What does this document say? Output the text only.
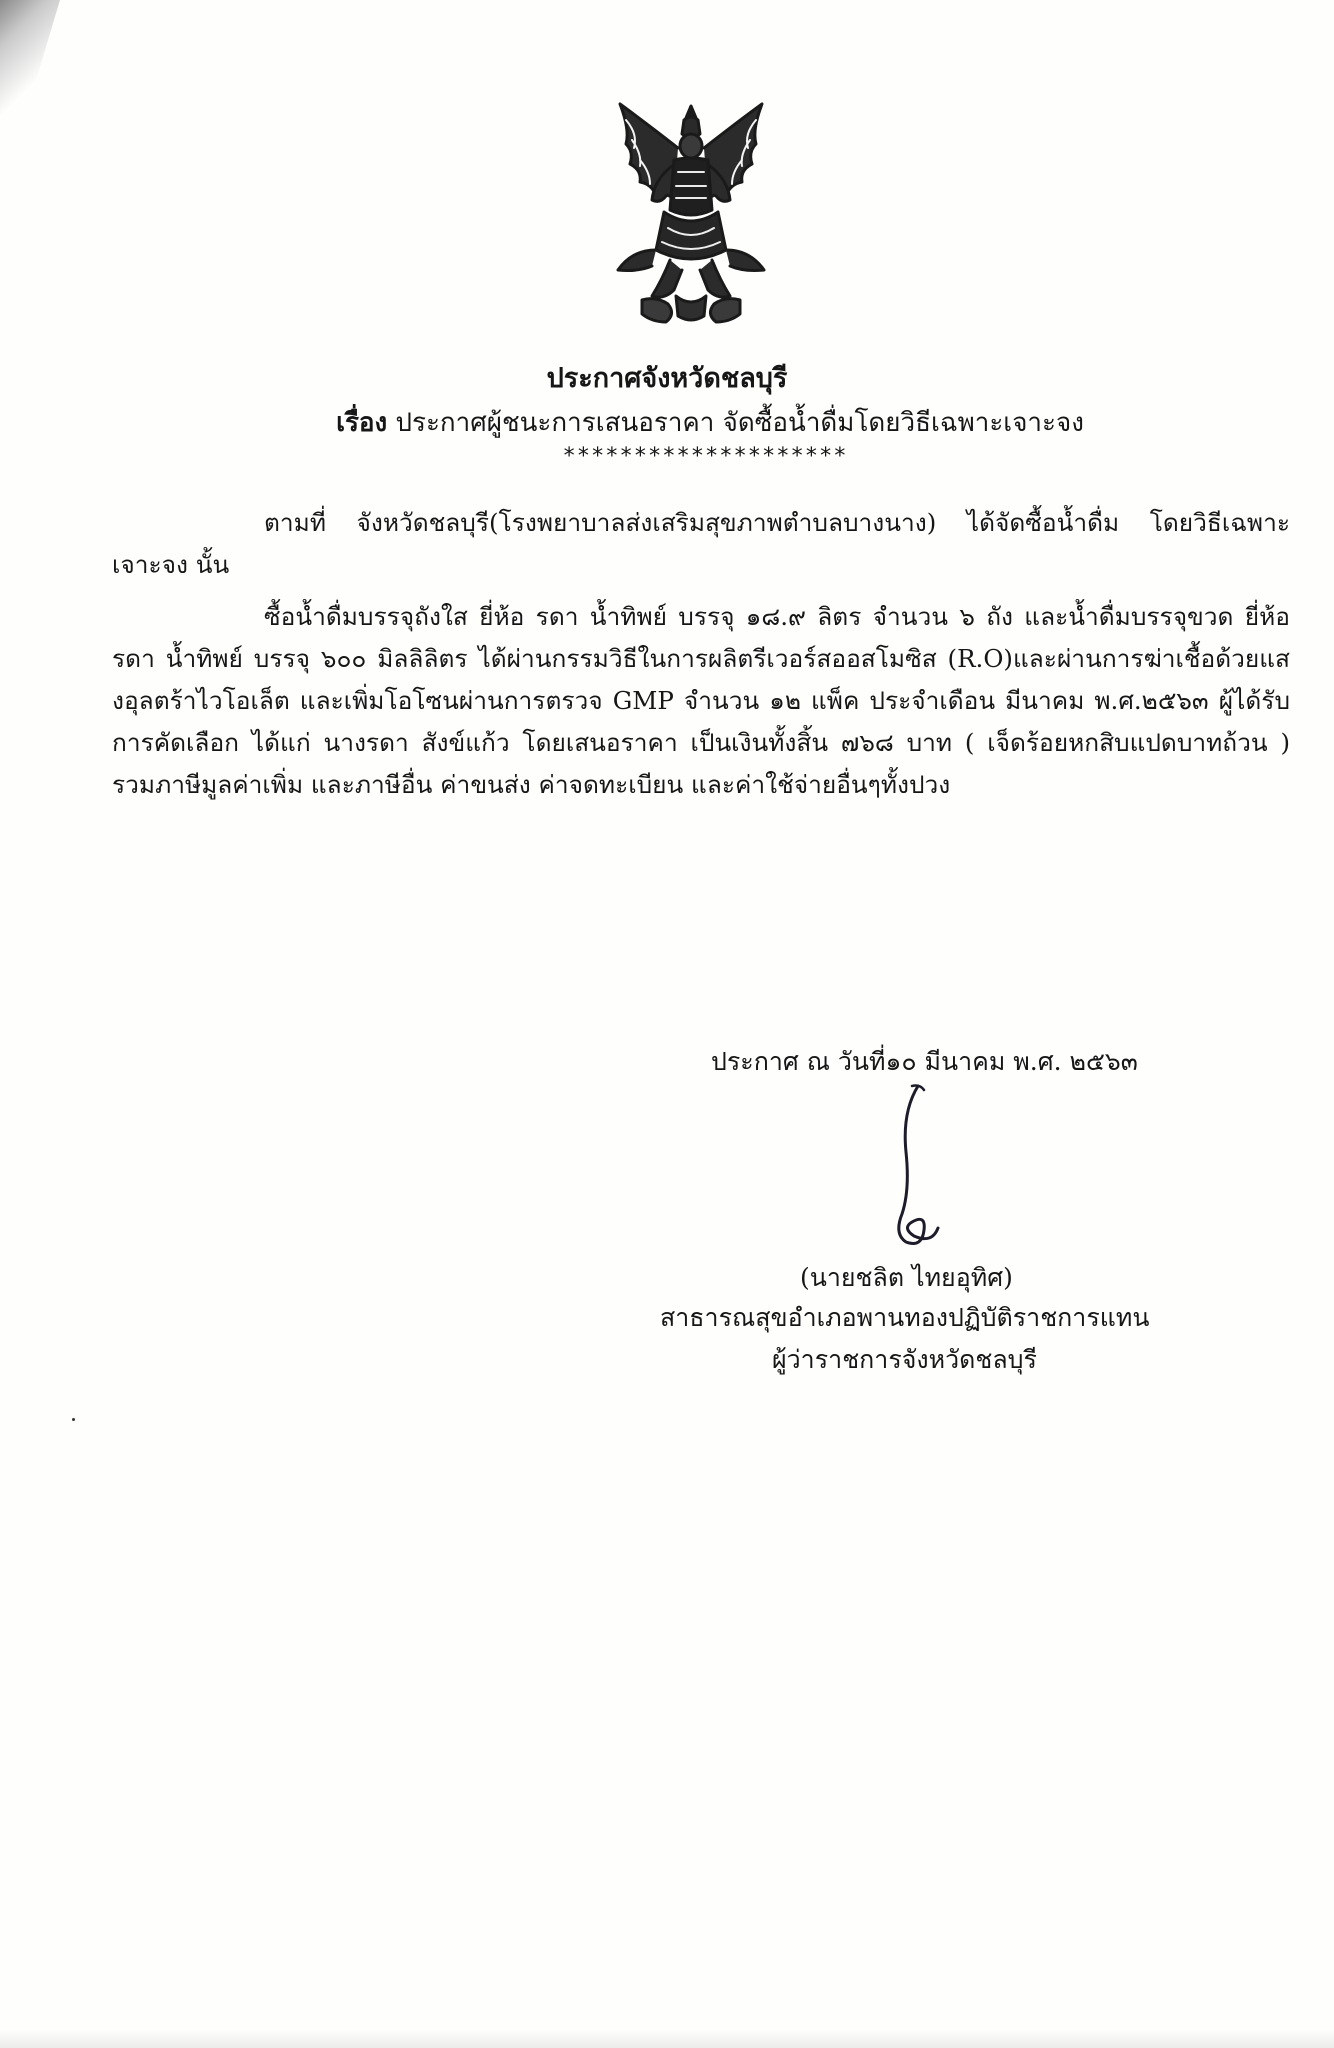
ประกาศจังหวัดชลบุรี
เรื่อง ประกาศผู้ชนะการเสนอราคา จัดซื้อน้ำดื่มโดยวิธีเฉพาะเจาะจง
********************
ตามที่ จังหวัดชลบุรี(โรงพยาบาลส่งเสริมสุขภาพตำบลบางนาง) ได้จัดซื้อน้ำดื่ม โดยวิธีเฉพาะเจาะจง นั้น
ซื้อน้ำดื่มบรรจุถังใส ยี่ห้อ รดา น้ำทิพย์ บรรจุ ๑๘.๙ ลิตร จำนวน ๖ ถัง และน้ำดื่มบรรจุขวด ยี่ห้อ รดา น้ำทิพย์ บรรจุ ๖๐๐ มิลลิลิตร ได้ผ่านกรรมวิธีในการผลิตรีเวอร์สออสโมซิส (R.O)และผ่านการฆ่าเชื้อด้วยแสงอุลตร้าไวโอเล็ต และเพิ่มโอโซนผ่านการตรวจ GMP จำนวน ๑๒ แพ็ค ประจำเดือน มีนาคม พ.ศ.๒๕๖๓ ผู้ได้รับการคัดเลือก ได้แก่ นางรดา สังข์แก้ว โดยเสนอราคา เป็นเงินทั้งสิ้น ๗๖๘ บาท ( เจ็ดร้อยหกสิบแปดบาทถ้วน ) รวมภาษีมูลค่าเพิ่ม และภาษีอื่น ค่าขนส่ง ค่าจดทะเบียน และค่าใช้จ่ายอื่นๆทั้งปวง
ประกาศ ณ วันที่๑๐ มีนาคม พ.ศ. ๒๕๖๓
(นายชลิต ไทยอุทิศ)
สาธารณสุขอำเภอพานทองปฏิบัติราชการแทน
ผู้ว่าราชการจังหวัดชลบุรี
